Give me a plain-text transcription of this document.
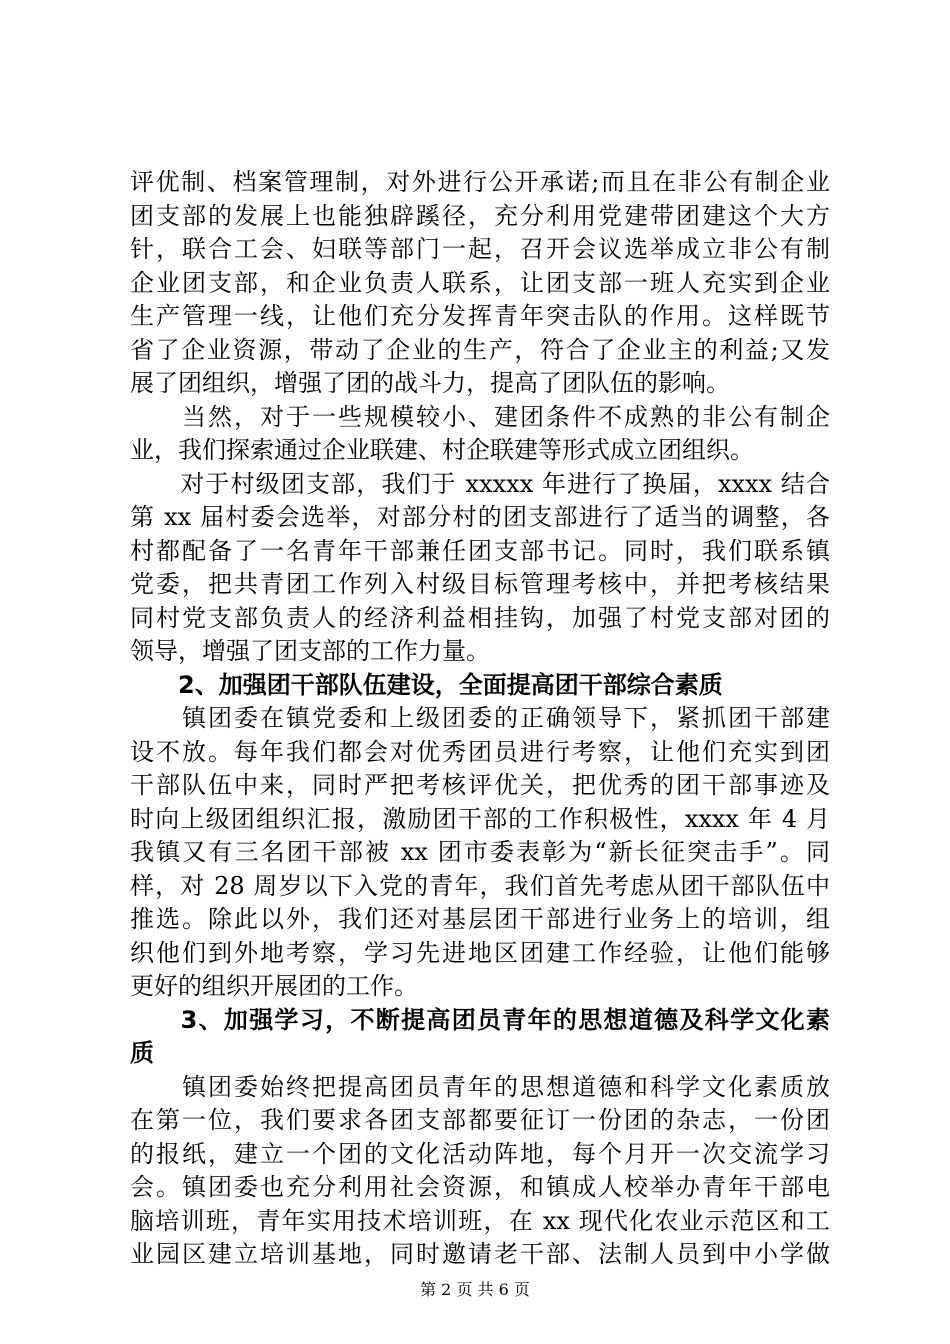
评优制、档案管理制，对外进行公开承诺;而且在非公有制企业
团支部的发展上也能独辟蹊径，充分利用党建带团建这个大方
针，联合工会、妇联等部门一起，召开会议选举成立非公有制
企业团支部，和企业负责人联系，让团支部一班人充实到企业
生产管理一线，让他们充分发挥青年突击队的作用。这样既节
省了企业资源，带动了企业的生产，符合了企业主的利益;又发
展了团组织，增强了团的战斗力，提高了团队伍的影响。
　　当然，对于一些规模较小、建团条件不成熟的非公有制企
业，我们探索通过企业联建、村企联建等形式成立团组织。
　　对于村级团支部，我们于 xxxxx 年进行了换届，xxxx 结合
第 xx 届村委会选举，对部分村的团支部进行了适当的调整，各
村都配备了一名青年干部兼任团支部书记。同时，我们联系镇
党委，把共青团工作列入村级目标管理考核中，并把考核结果
同村党支部负责人的经济利益相挂钩，加强了村党支部对团的
领导，增强了团支部的工作力量。
　　2、加强团干部队伍建设，全面提高团干部综合素质
　　镇团委在镇党委和上级团委的正确领导下，紧抓团干部建
设不放。每年我们都会对优秀团员进行考察，让他们充实到团
干部队伍中来，同时严把考核评优关，把优秀的团干部事迹及
时向上级团组织汇报，激励团干部的工作积极性，xxxx 年 4 月
我镇又有三名团干部被 xx 团市委表彰为“新长征突击手”。同
样，对 28 周岁以下入党的青年，我们首先考虑从团干部队伍中
推选。除此以外，我们还对基层团干部进行业务上的培训，组
织他们到外地考察，学习先进地区团建工作经验，让他们能够
更好的组织开展团的工作。
　　3、加强学习，不断提高团员青年的思想道德及科学文化素
质
　　镇团委始终把提高团员青年的思想道德和科学文化素质放
在第一位，我们要求各团支部都要征订一份团的杂志，一份团
的报纸，建立一个团的文化活动阵地，每个月开一次交流学习
会。镇团委也充分利用社会资源，和镇成人校举办青年干部电
脑培训班，青年实用技术培训班，在 xx 现代化农业示范区和工
业园区建立培训基地，同时邀请老干部、法制人员到中小学做
第 2 页 共 6 页
